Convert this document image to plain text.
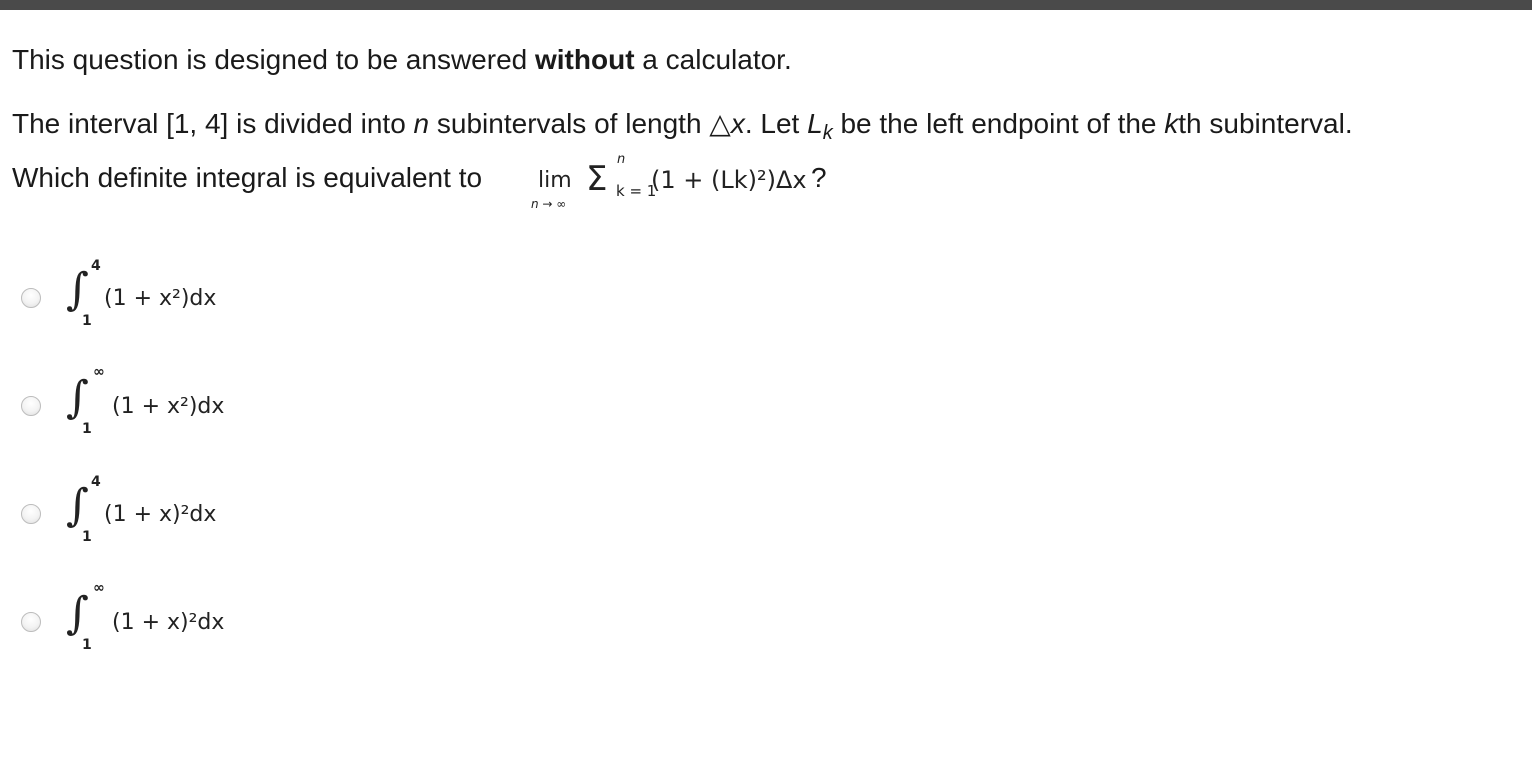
This question is designed to be answered without a calculator.
The interval [1, 4] is divided into n subintervals of length △x. Let $L_k$ be the left endpoint of the kth subinterval.
Which definite integral is equivalent to	lim
n → ∞
Σ n
k = 1
(1 + (Lk)²)Δx ?
∫ 4
1
(1 + x²)dx
∫ ∞
1
(1 + x²)dx
∫ 4
1
(1 + x)²dx
∫ ∞
1
(1 + x)²dx
